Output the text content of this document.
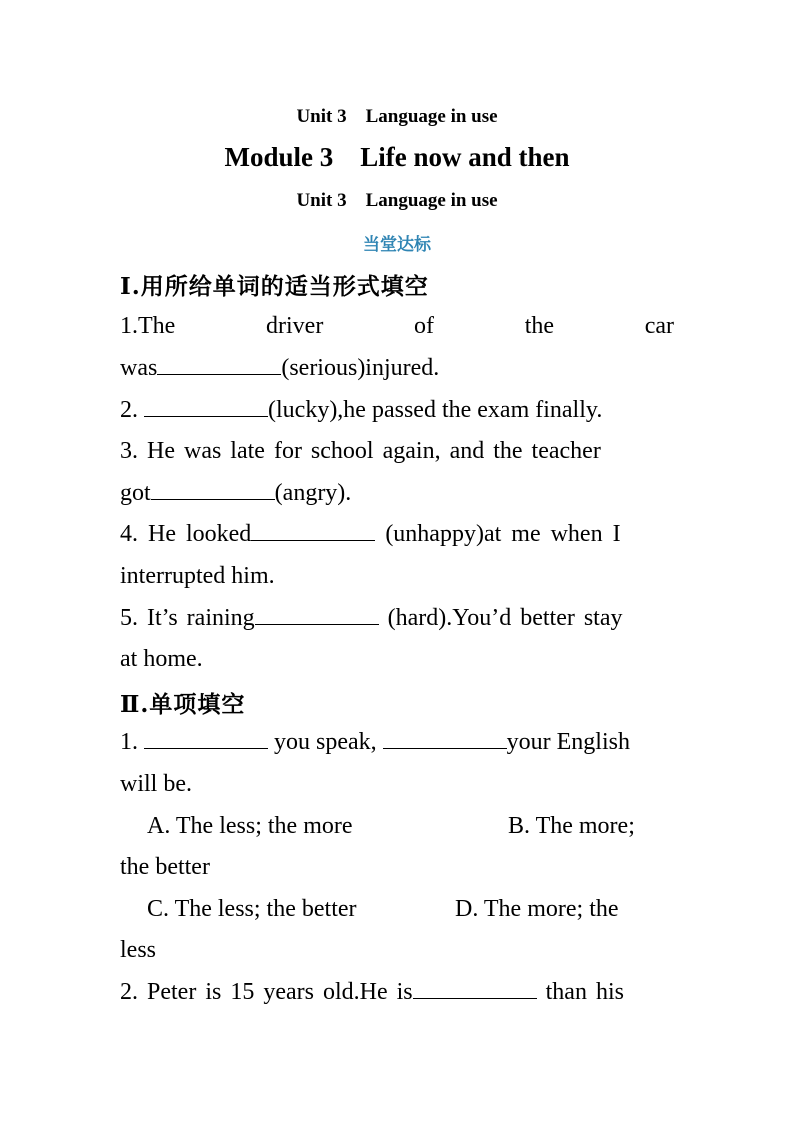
Unit 3    Language in use
Module 3    Life now and then
Unit 3    Language in use
当堂达标
Ⅰ.用所给单词的适当形式填空
1.The	driver	of	the	car
was	(serious)injured.
2.	(lucky),he passed the exam finally.
3. He was late for school again, and the teacher
got	(angry).
4. He looked	(unhappy)at me when I
interrupted him.
5. It’s raining	(hard).You’d better stay
at home.
Ⅱ.单项填空
1.	you speak,	your English
will be.
A. The less; the more	B. The more;
the better
C. The less; the better	D. The more; the
less
2. Peter is 15 years old.He is	than his
